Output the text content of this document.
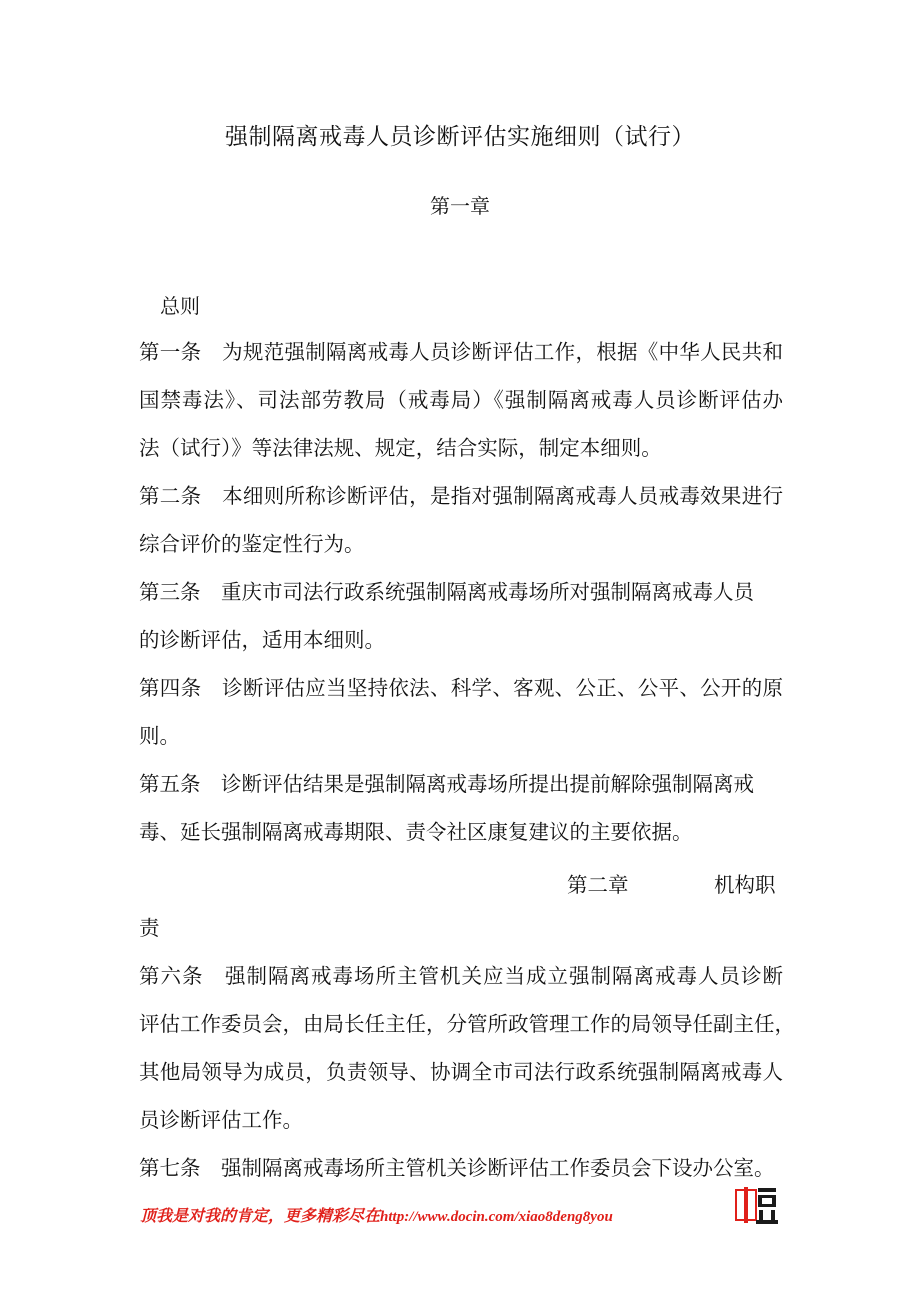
强制隔离戒毒人员诊断评估实施细则（试行）
第一章
总则
第一条　为规范强制隔离戒毒人员诊断评估工作，根据《中华人民共和
国禁毒法》、司法部劳教局（戒毒局）《强制隔离戒毒人员诊断评估办
法（试行）》等法律法规、规定，结合实际，制定本细则。
第二条　本细则所称诊断评估，是指对强制隔离戒毒人员戒毒效果进行
综合评价的鉴定性行为。
第三条　重庆市司法行政系统强制隔离戒毒场所对强制隔离戒毒人员
的诊断评估，适用本细则。
第四条　诊断评估应当坚持依法、科学、客观、公正、公平、公开的原
则。
第五条　诊断评估结果是强制隔离戒毒场所提出提前解除强制隔离戒
毒、延长强制隔离戒毒期限、责令社区康复建议的主要依据。
第二章	机构职
责
第六条　强制隔离戒毒场所主管机关应当成立强制隔离戒毒人员诊断
评估工作委员会，由局长任主任，分管所政管理工作的局领导任副主任，
其他局领导为成员，负责领导、协调全市司法行政系统强制隔离戒毒人
员诊断评估工作。
第七条　强制隔离戒毒场所主管机关诊断评估工作委员会下设办公室。
顶我是对我的肯定，更多精彩尽在http://www.docin.com/xiao8deng8you
